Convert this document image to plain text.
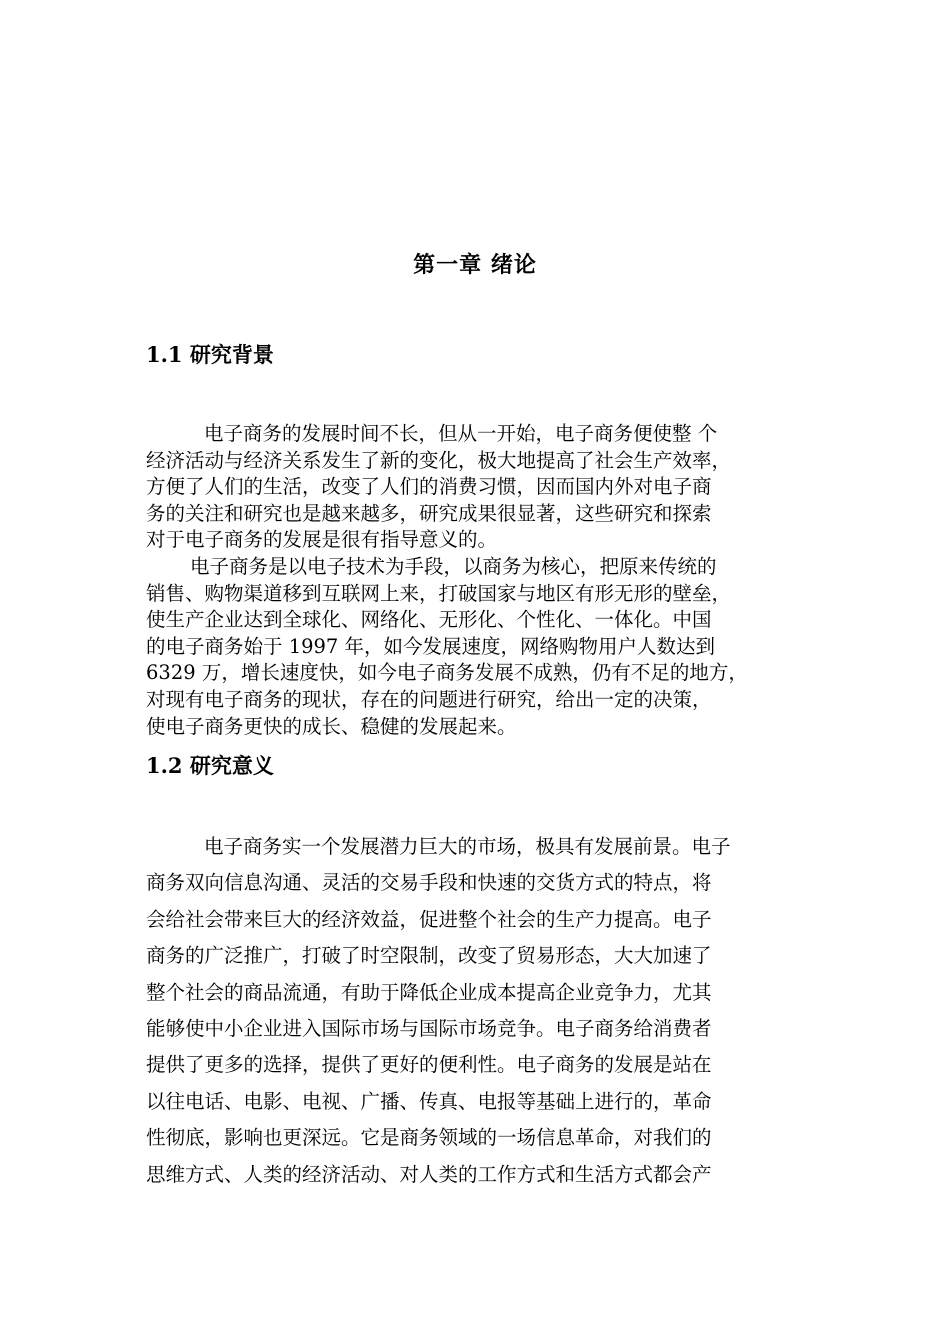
第一章 绪论
1.1 研究背景
电子商务的发展时间不长，但从一开始，电子商务便使整 个
经济活动与经济关系发生了新的变化，极大地提高了社会生产效率，
方便了人们的生活，改变了人们的消费习惯，因而国内外对电子商
务的关注和研究也是越来越多，研究成果很显著，这些研究和探索
对于电子商务的发展是很有指导意义的。
电子商务是以电子技术为手段，以商务为核心，把原来传统的
销售、购物渠道移到互联网上来，打破国家与地区有形无形的壁垒，
使生产企业达到全球化、网络化、无形化、个性化、一体化。中国
的电子商务始于 1997 年，如今发展速度，网络购物用户人数达到
6329 万，增长速度快，如今电子商务发展不成熟，仍有不足的地方，
对现有电子商务的现状，存在的问题进行研究，给出一定的决策，
使电子商务更快的成长、稳健的发展起来。
1.2 研究意义
电子商务实一个发展潜力巨大的市场，极具有发展前景。电子
商务双向信息沟通、灵活的交易手段和快速的交货方式的特点，将
会给社会带来巨大的经济效益，促进整个社会的生产力提高。电子
商务的广泛推广，打破了时空限制，改变了贸易形态，大大加速了
整个社会的商品流通，有助于降低企业成本提高企业竞争力，尤其
能够使中小企业进入国际市场与国际市场竞争。电子商务给消费者
提供了更多的选择，提供了更好的便利性。电子商务的发展是站在
以往电话、电影、电视、广播、传真、电报等基础上进行的，革命
性彻底，影响也更深远。它是商务领域的一场信息革命，对我们的
思维方式、人类的经济活动、对人类的工作方式和生活方式都会产
